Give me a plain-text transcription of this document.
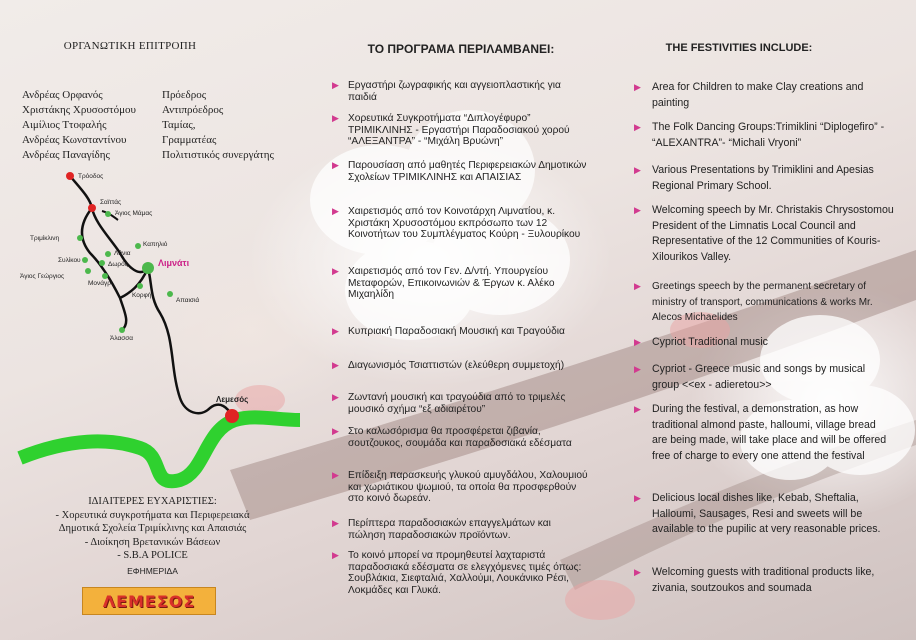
ΟΡΓΑΝΩΤΙΚΗ ΕΠΙΤΡΟΠΗ
Ανδρέας Ορφανός	Πρόεδρος
Χριστάκης Χρυσοστόμου	Αντιπρόεδρος
Αιμίλιος Ττοφαλής	Ταμίας,
Ανδρέας Κωνσταντίνου	Γραμματέας
Ανδρέας Παναγίδης	Πολιτιστικός συνεργάτης
Τρόοδος
Σαϊττάς
Άγιος Μάμας
Τριμίκλινη
Καπηλιό
Λάνια
Δωρός
Συλίκου
Άγιος Γεώργιος
Μονάγρι
Λιμνάτι
Κορφή
Απαισιά
Άλασσα
Λεμεσός
ΙΔΙΑΙΤΕΡΕΣ ΕΥΧΑΡΙΣΤΙΕΣ:
- Χορευτικά συγκροτήματα και Περιφερειακά
Δημοτικά Σχολεία Τριμίκλινης και Απαισιάς
- Διοίκηση Βρετανικών Βάσεων
- S.B.A POLICE
ΕΦΗΜΕΡΙΔΑ
ΛΕΜΕΣΟΣ
ΤΟ ΠΡΟΓΡΑΜΑ ΠΕΡΙΛΑΜΒΑΝΕΙ:
▶ Εργαστήρι ζωγραφικής και αγγειοπλαστικής για παιδιά
▶ Χορευτικά Συγκροτήματα “Διπλογέφυρο” ΤΡΙΜΙΚΛΙΝΗΣ - Εργαστήρι Παραδοσιακού χορού “ΑΛΕΞΑΝΤΡΑ” - “Μιχάλη Βρυώνη”
▶ Παρουσίαση από μαθητές Περιφερειακών Δημοτικών Σχολείων ΤΡΙΜΙΚΛΙΝΗΣ και ΑΠΑΙΣΙΑΣ
▶ Χαιρετισμός από τον Κοινοτάρχη Λιμνατίου, κ. Χριστάκη Χρυσοστόμου εκπρόσωπο των 12 Κοινοτήτων του Συμπλέγματος Κούρη - Ξυλουρίκου
▶ Χαιρετισμός από τον Γεν. Δ/ντή. Υπουργείου Μεταφορών, Επικοινωνιών & Έργων κ. Αλέκο Μιχαηλίδη
▶ Κυπριακή Παραδοσιακή Μουσική και Τραγούδια
▶ Διαγωνισμός Τσιαττιστών (ελεύθερη συμμετοχή)
▶ Ζωντανή μουσική και τραγούδια από το τριμελές μουσικό σχήμα “εξ αδιαιρέτου”
▶ Στο καλωσόρισμα θα προσφέρεται ζιβανία, σουτζουκος, σουμάδα και παραδοσιακά εδέσματα
▶ Επίδειξη παρασκευής γλυκού αμυγδάλου, Χαλουμιού και χωριάτικου ψωμιού, τα οποία θα προσφερθούν στο κοινό δωρεάν.
▶ Περίπτερα παραδοσιακών επαγγελμάτων και πώληση παραδοσιακών προϊόντων.
▶ Το κοινό μπορεί να προμηθευτεί λαχταριστά παραδοσιακά εδέσματα σε ελεγχόμενες τιμές όπως: Σουβλάκια, Σιεφταλιά, Χαλλούμι, Λουκάνικο Ρέσι, Λοκμάδες και Γλυκά.
THE FESTIVITIES INCLUDE:
▶ Area for Children to make Clay creations and painting
▶ The Folk Dancing Groups:Trimiklini “Diplogefiro” - “ALEXANTRA”- “Michali Vryoni”
▶ Various Presentations by Trimiklini and Apesias Regional Primary School.
▶ Welcoming speech by Mr. Christakis Chrysostomou President of the Limnatis Local Council and Representative of the 12 Communities of Kouris-Xilourikos Valley.
▶ Greetings speech by the permanent secretary of ministry of transport, communications & works Mr. Alecos Michaelides
▶ Cypriot Traditional music
▶ Cypriot - Greece music and songs by musical group <<ex - adieretou>>
▶ During the festival, a demonstration, as how traditional almond paste, halloumi, village bread are being made, will take place and will be offered free of charge to every one attend the festival
▶ Delicious local dishes like, Kebab, Sheftalia, Halloumi, Sausages, Resi and sweets will be available to the pupilic at very reasonable prices.
▶ Welcoming guests with traditional products like, zivania, soutzoukos and soumada
